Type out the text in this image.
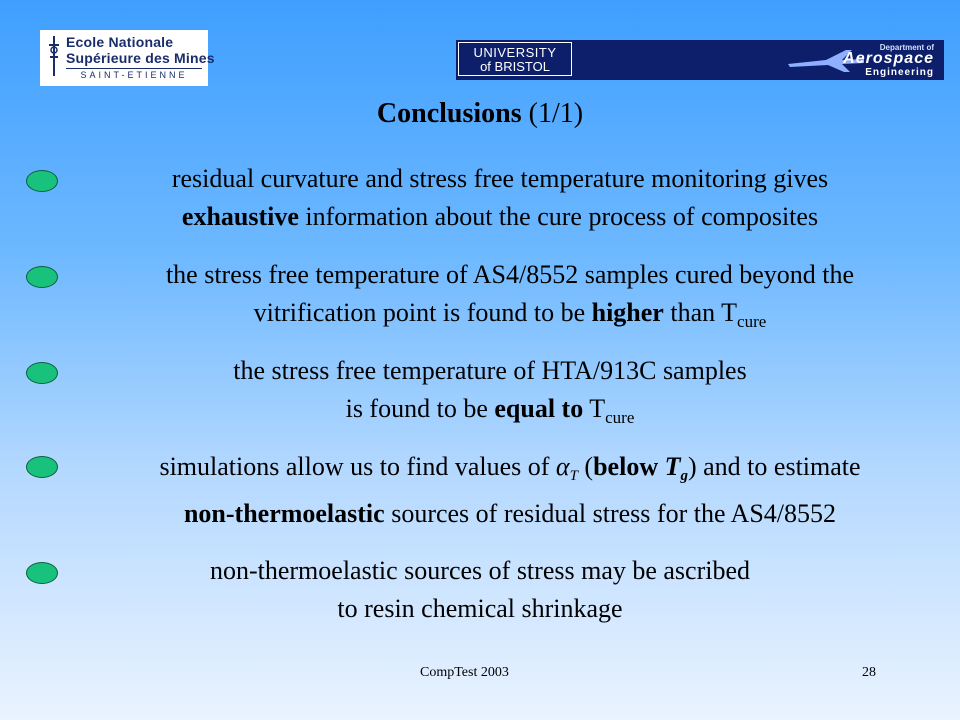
Ecole Nationale
Supérieure des Mines
SAINT-ETIENNE
UNIVERSITY
of BRISTOL
Department of
Aerospace
Engineering
Conclusions (1/1)
residual curvature and stress free temperature monitoring gives
exhaustive information about the cure process of composites
the stress free temperature of AS4/8552 samples cured beyond the
vitrification point is found to be higher than $T_{cure}$
the stress free temperature of HTA/913C samples
is found to be equal to $T_{cure}$
simulations allow us to find values of αT (below Tg) and to estimate
non-thermoelastic sources of residual stress for the AS4/8552
non-thermoelastic sources of stress may be ascribed
to resin chemical shrinkage
CompTest 2003	28
